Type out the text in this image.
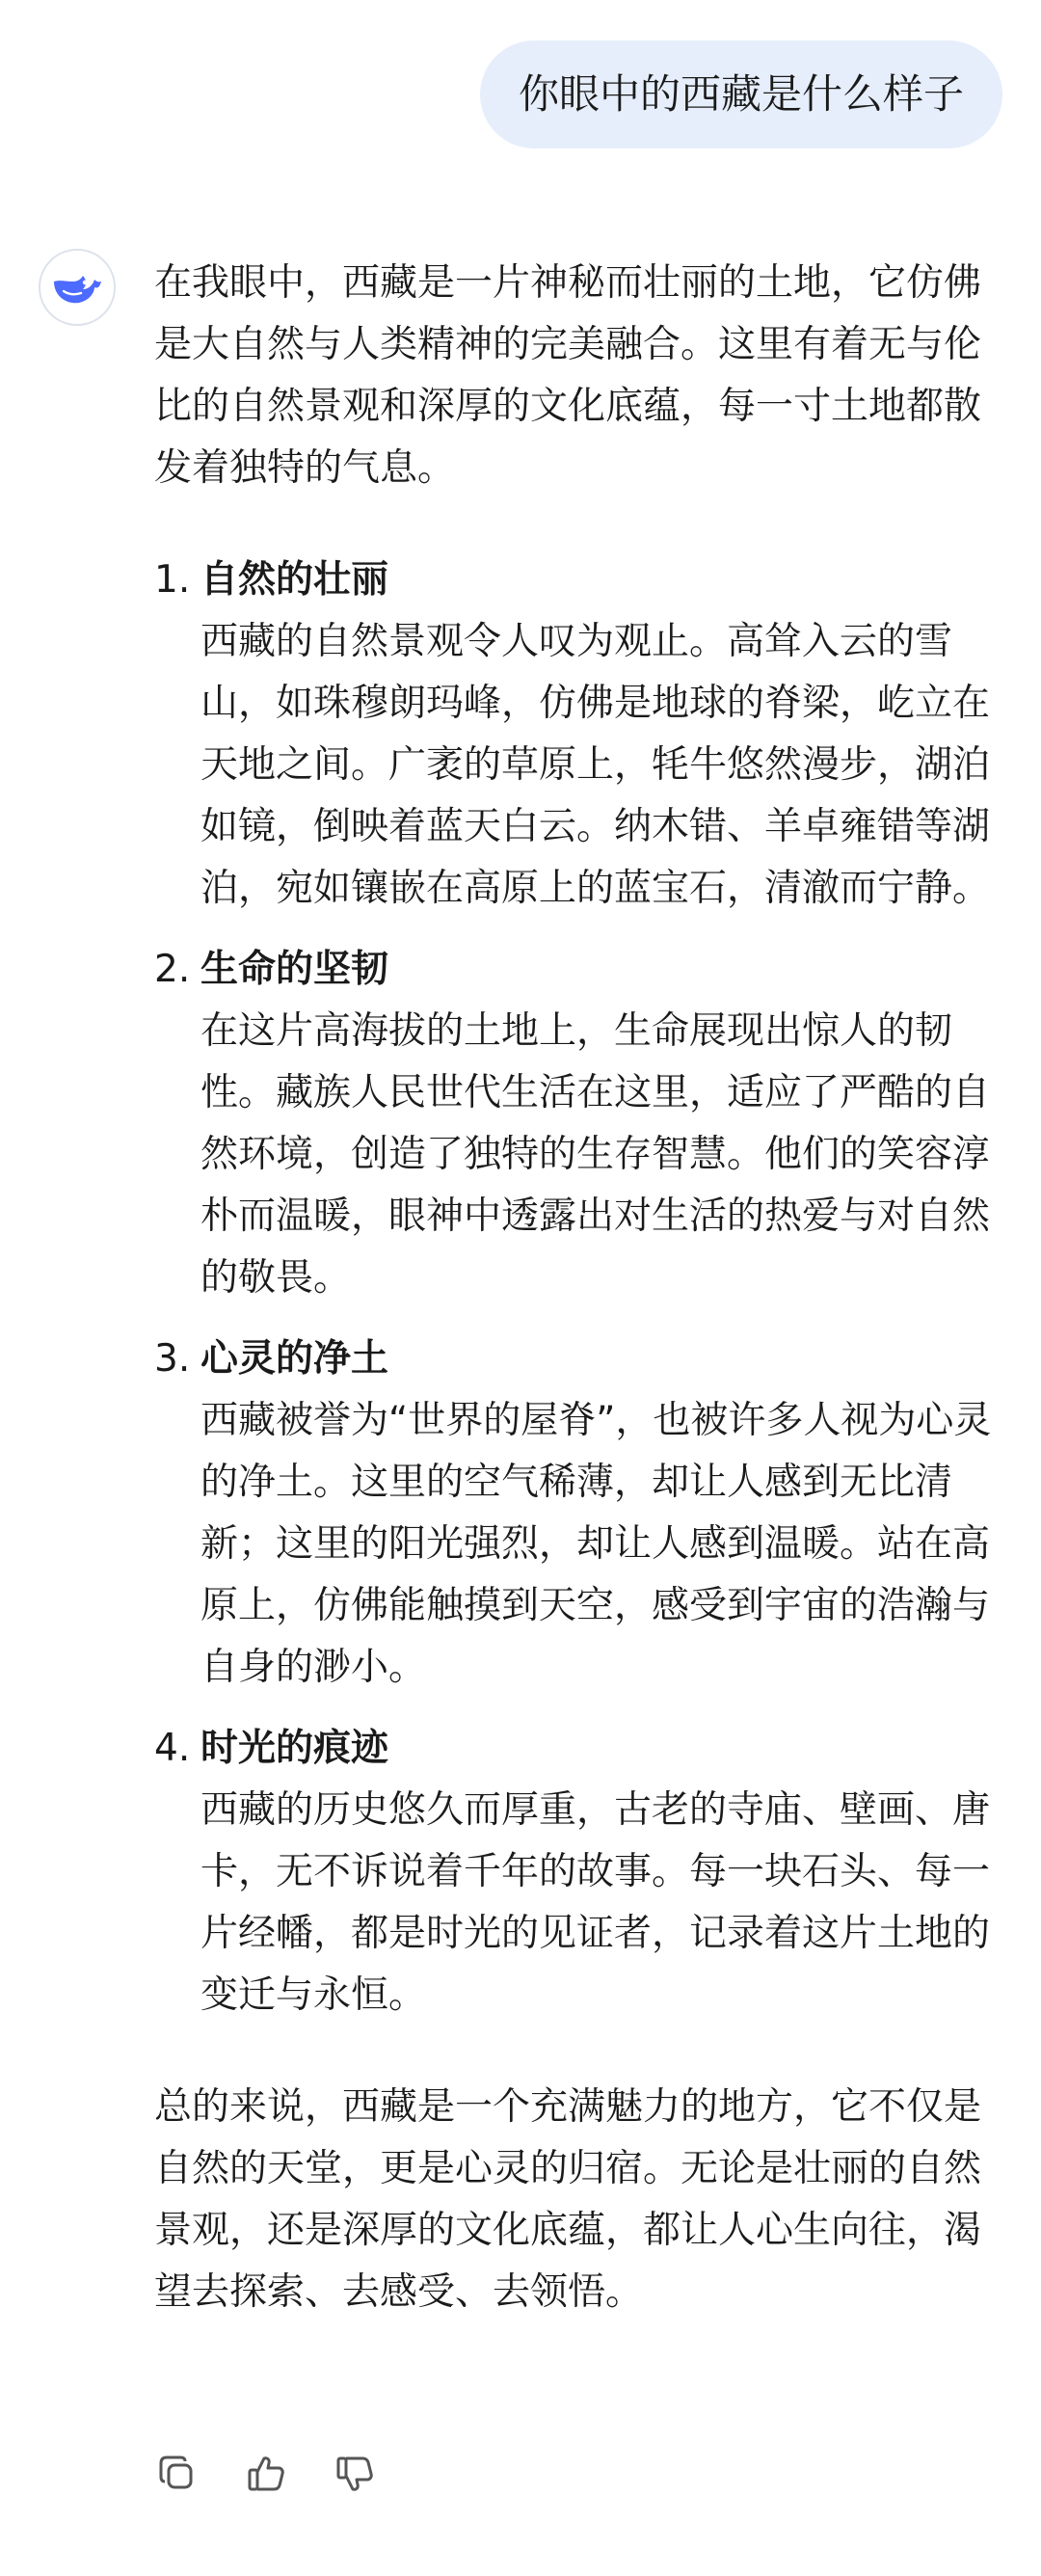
你眼中的西藏是什么样子

在我眼中，西藏是一片神秘而壮丽的土地，它仿佛是大自然与人类精神的完美融合。这里有着无与伦比的自然景观和深厚的文化底蕴，每一寸土地都散发着独特的气息。

1. 自然的壮丽
西藏的自然景观令人叹为观止。高耸入云的雪山，如珠穆朗玛峰，仿佛是地球的脊梁，屹立在天地之间。广袤的草原上，牦牛悠然漫步，湖泊如镜，倒映着蓝天白云。纳木错、羊卓雍错等湖泊，宛如镶嵌在高原上的蓝宝石，清澈而宁静。
2. 生命的坚韧
在这片高海拔的土地上，生命展现出惊人的韧性。藏族人民世代生活在这里，适应了严酷的自然环境，创造了独特的生存智慧。他们的笑容淳朴而温暖，眼神中透露出对生活的热爱与对自然的敬畏。
3. 心灵的净土
西藏被誉为“世界的屋脊”，也被许多人视为心灵的净土。这里的空气稀薄，却让人感到无比清新；这里的阳光强烈，却让人感到温暖。站在高原上，仿佛能触摸到天空，感受到宇宙的浩瀚与自身的渺小。
4. 时光的痕迹
西藏的历史悠久而厚重，古老的寺庙、壁画、唐卡，无不诉说着千年的故事。每一块石头、每一片经幡，都是时光的见证者，记录着这片土地的变迁与永恒。

总的来说，西藏是一个充满魅力的地方，它不仅是自然的天堂，更是心灵的归宿。无论是壮丽的自然景观，还是深厚的文化底蕴，都让人心生向往，渴望去探索、去感受、去领悟。
